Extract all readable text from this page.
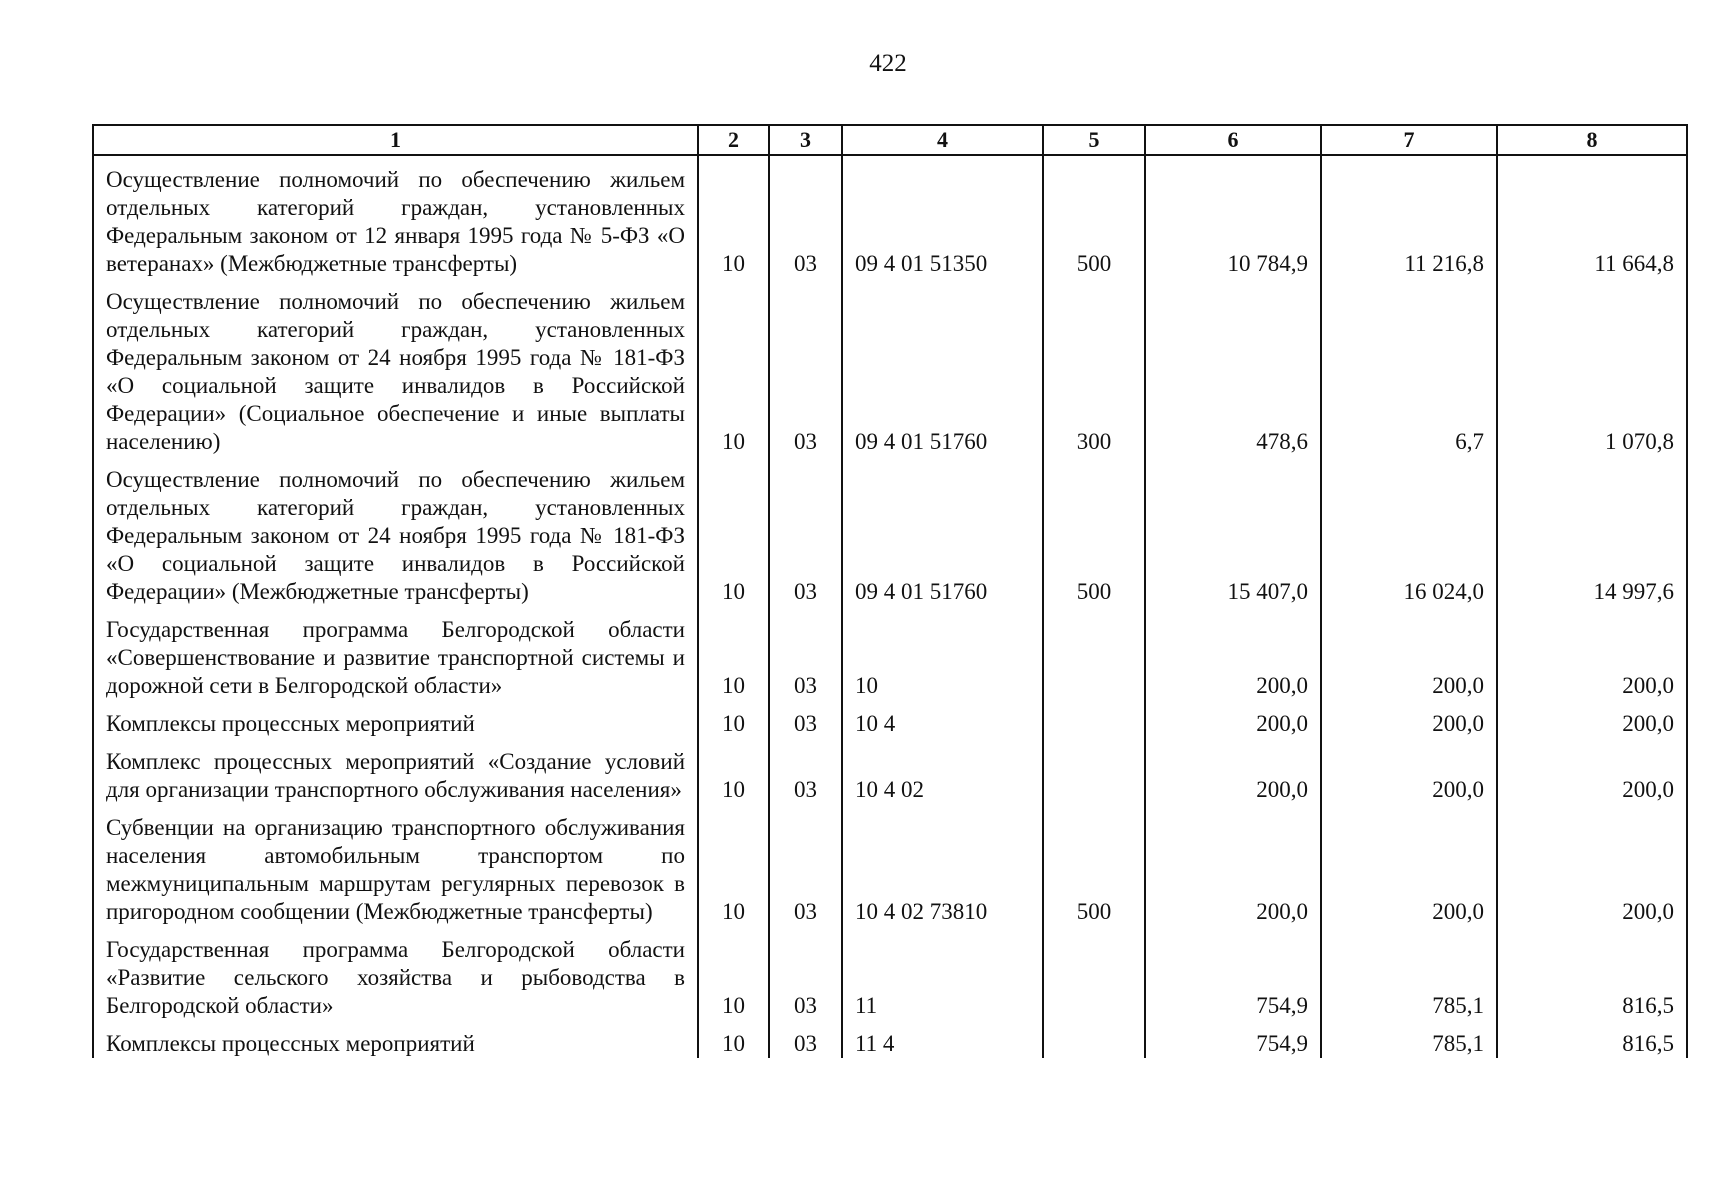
422
1	2	3	4	5	6	7	8
Осуществление полномочий по обеспечению жильем отдельных категорий граждан, установленных Федеральным законом от 12 января 1995 года № 5-ФЗ «О ветеранах» (Межбюджетные трансферты)	10	03	09 4 01 51350	500	10 784,9	11 216,8	11 664,8
Осуществление полномочий по обеспечению жильем отдельных категорий граждан, установленных Федеральным законом от 24 ноября 1995 года № 181-ФЗ «О социальной защите инвалидов в Российской Федерации» (Социальное обеспечение и иные выплаты населению)	10	03	09 4 01 51760	300	478,6	6,7	1 070,8
Осуществление полномочий по обеспечению жильем отдельных категорий граждан, установленных Федеральным законом от 24 ноября 1995 года № 181-ФЗ «О социальной защите инвалидов в Российской Федерации» (Межбюджетные трансферты)	10	03	09 4 01 51760	500	15 407,0	16 024,0	14 997,6
Государственная программа Белгородской области «Совершенствование и развитие транспортной системы и дорожной сети в Белгородской области»	10	03	10		200,0	200,0	200,0
Комплексы процессных мероприятий	10	03	10 4		200,0	200,0	200,0
Комплекс процессных мероприятий «Создание условий для организации транспортного обслуживания населения»	10	03	10 4 02		200,0	200,0	200,0
Субвенции на организацию транспортного обслуживания населения автомобильным транспортом по межмуниципальным маршрутам регулярных перевозок в пригородном сообщении (Межбюджетные трансферты)	10	03	10 4 02 73810	500	200,0	200,0	200,0
Государственная программа Белгородской области «Развитие сельского хозяйства и рыбоводства в Белгородской области»	10	03	11		754,9	785,1	816,5
Комплексы процессных мероприятий	10	03	11 4		754,9	785,1	816,5
